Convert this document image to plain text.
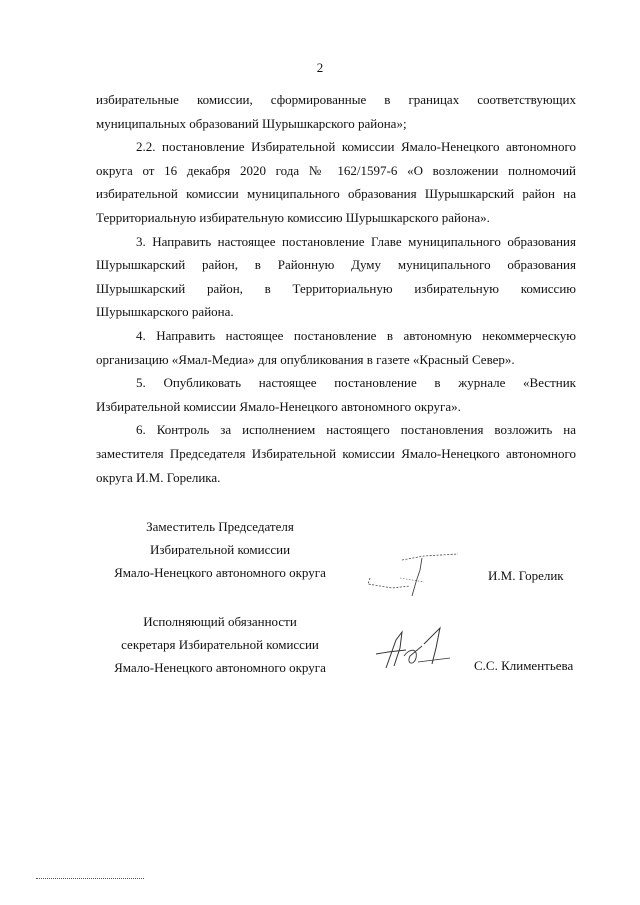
2

избирательные комиссии, сформированные в границах соответствующих муниципальных образований Шурышкарского района»;

2.2. постановление Избирательной комиссии Ямало-Ненецкого автономного округа от 16 декабря 2020 года № 162/1597-6 «О возложении полномочий избирательной комиссии муниципального образования Шурышкарский район на Территориальную избирательную комиссию Шурышкарского района».

3. Направить настоящее постановление Главе муниципального образования Шурышкарский район, в Районную Думу муниципального образования Шурышкарский район, в Территориальную избирательную комиссию Шурышкарского района.

4. Направить настоящее постановление в автономную некоммерческую организацию «Ямал-Медиа» для опубликования в газете «Красный Север».

5. Опубликовать настоящее постановление в журнале «Вестник Избирательной комиссии Ямало-Ненецкого автономного округа».

6. Контроль за исполнением настоящего постановления возложить на заместителя Председателя Избирательной комиссии Ямало-Ненецкого автономного округа И.М. Горелика.

Заместитель Председателя
Избирательной комиссии
Ямало-Ненецкого автономного округа	И.М. Горелик
Исполняющий обязанности
секретаря Избирательной комиссии
Ямало-Ненецкого автономного округа	С.С. Климентьева
